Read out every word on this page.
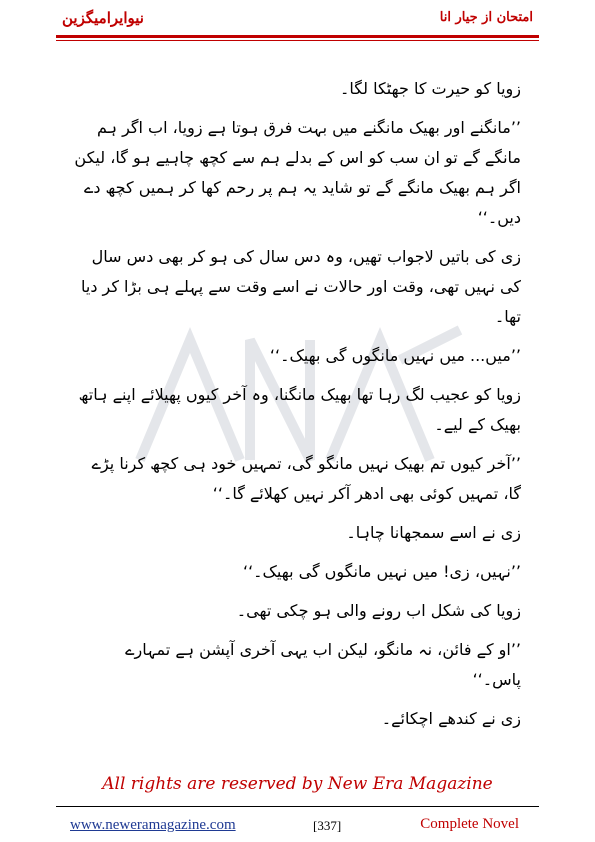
نیوایرامیگزین	امتحان از جیار انا

زویا کو حیرت کا جھٹکا لگا۔

’’مانگنے اور بھیک مانگنے میں بہت فرق ہوتا ہے زویا، اب اگر ہم مانگے گے تو ان سب کو اس کے بدلے ہم سے کچھ چاہیے ہو گا، لیکن اگر ہم بھیک مانگے گے تو شاید یہ ہم پر رحم کھا کر ہمیں کچھ دے دیں۔‘‘

زی کی باتیں لاجواب تھیں، وہ دس سال کی ہو کر بھی دس سال کی نہیں تھی، وقت اور حالات نے اسے وقت سے پہلے ہی بڑا کر دیا تھا۔

’’میں... میں نہیں مانگوں گی بھیک۔‘‘

زویا کو عجیب لگ رہا تھا بھیک مانگنا، وہ آخر کیوں پھیلائے اپنے ہاتھ بھیک کے لیے۔

’’آخر کیوں تم بھیک نہیں مانگو گی، تمہیں خود ہی کچھ کرنا پڑے گا، تمہیں کوئی بھی ادھر آکر نہیں کھلائے گا۔‘‘

زی نے اسے سمجھانا چاہا۔

’’نہیں، زی! میں نہیں مانگوں گی بھیک۔‘‘

زویا کی شکل اب رونے والی ہو چکی تھی۔

’’او کے فائن، نہ مانگو، لیکن اب یہی آخری آپشن ہے تمہارے پاس۔‘‘

زی نے کندھے اچکائے۔

All rights are reserved by New Era Magazine
www.neweramagazine.com	[337]	Complete Novel
